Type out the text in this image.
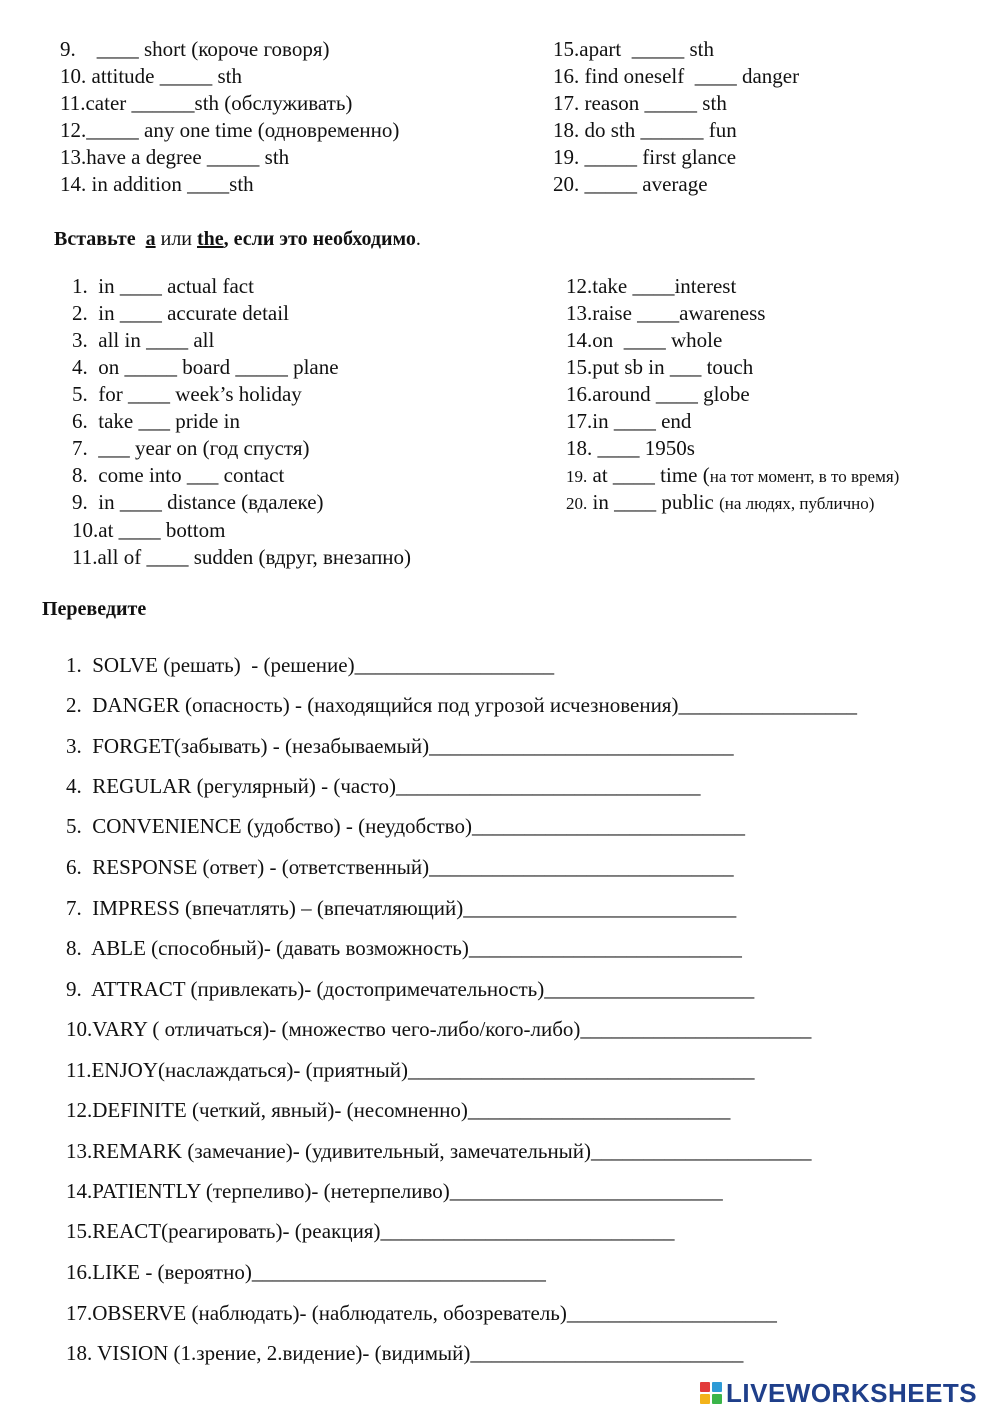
9. ____ short (короче говоря)
10. attitude _____ sth
11.cater ______sth (обслуживать)
12._____ any one time (одновременно)
13.have a degree _____ sth
14. in addition ____sth
15.apart  _____ sth
16. find oneself  ____ danger
17. reason _____ sth
18. do sth ______ fun
19. _____ first glance
20. _____ average
Вставьте  a или the, если это необходимо.
1. in ____ actual fact
2. in ____ accurate detail
3. all in ____ all
4. on _____ board _____ plane
5. for ____ week’s holiday
6. take ___ pride in
7. ___ year on (год спустя)
8. come into ___ contact
9. in ____ distance (вдалеке)
10.at ____ bottom
11.all of ____ sudden (вдруг, внезапно)
12.take ____interest
13.raise ____awareness
14.on  ____ whole
15.put sb in ___ touch
16.around ____ globe
17.in ____ end
18. ____ 1950s
19. at ____ time (на тот момент, в то время)
20. in ____ public (на людях, публично)
Переведите
1. SOLVE (решать)  - (решение)___________________
2. DANGER (опасность) - (находящийся под угрозой исчезновения)_________________
3. FORGET(забывать) - (незабываемый)_____________________________
4. REGULAR (регулярный) - (часто)_____________________________
5. CONVENIENCE (удобство) - (неудобство)__________________________
6. RESPONSE (ответ) - (ответственный)_____________________________
7. IMPRESS (впечатлять) – (впечатляющий)__________________________
8. ABLE (способный)- (давать возможность)__________________________
9. ATTRACT (привлекать)- (достопримечательность)____________________
10.VARY ( отличаться)- (множество чего-либо/кого-либо)______________________
11.ENJOY(наслаждаться)- (приятный)_________________________________
12.DEFINITE (четкий, явный)- (несомненно)_________________________
13.REMARK (замечание)- (удивительный, замечательный)_____________________
14.PATIENTLY (терпеливо)- (нетерпеливо)__________________________
15.REACT(реагировать)- (реакция)____________________________
16.LIKE - (вероятно)____________________________
17.OBSERVE (наблюдать)- (наблюдатель, обозреватель)____________________
18. VISION (1.зрение, 2.видение)- (видимый)__________________________
LIVEWORKSHEETS
